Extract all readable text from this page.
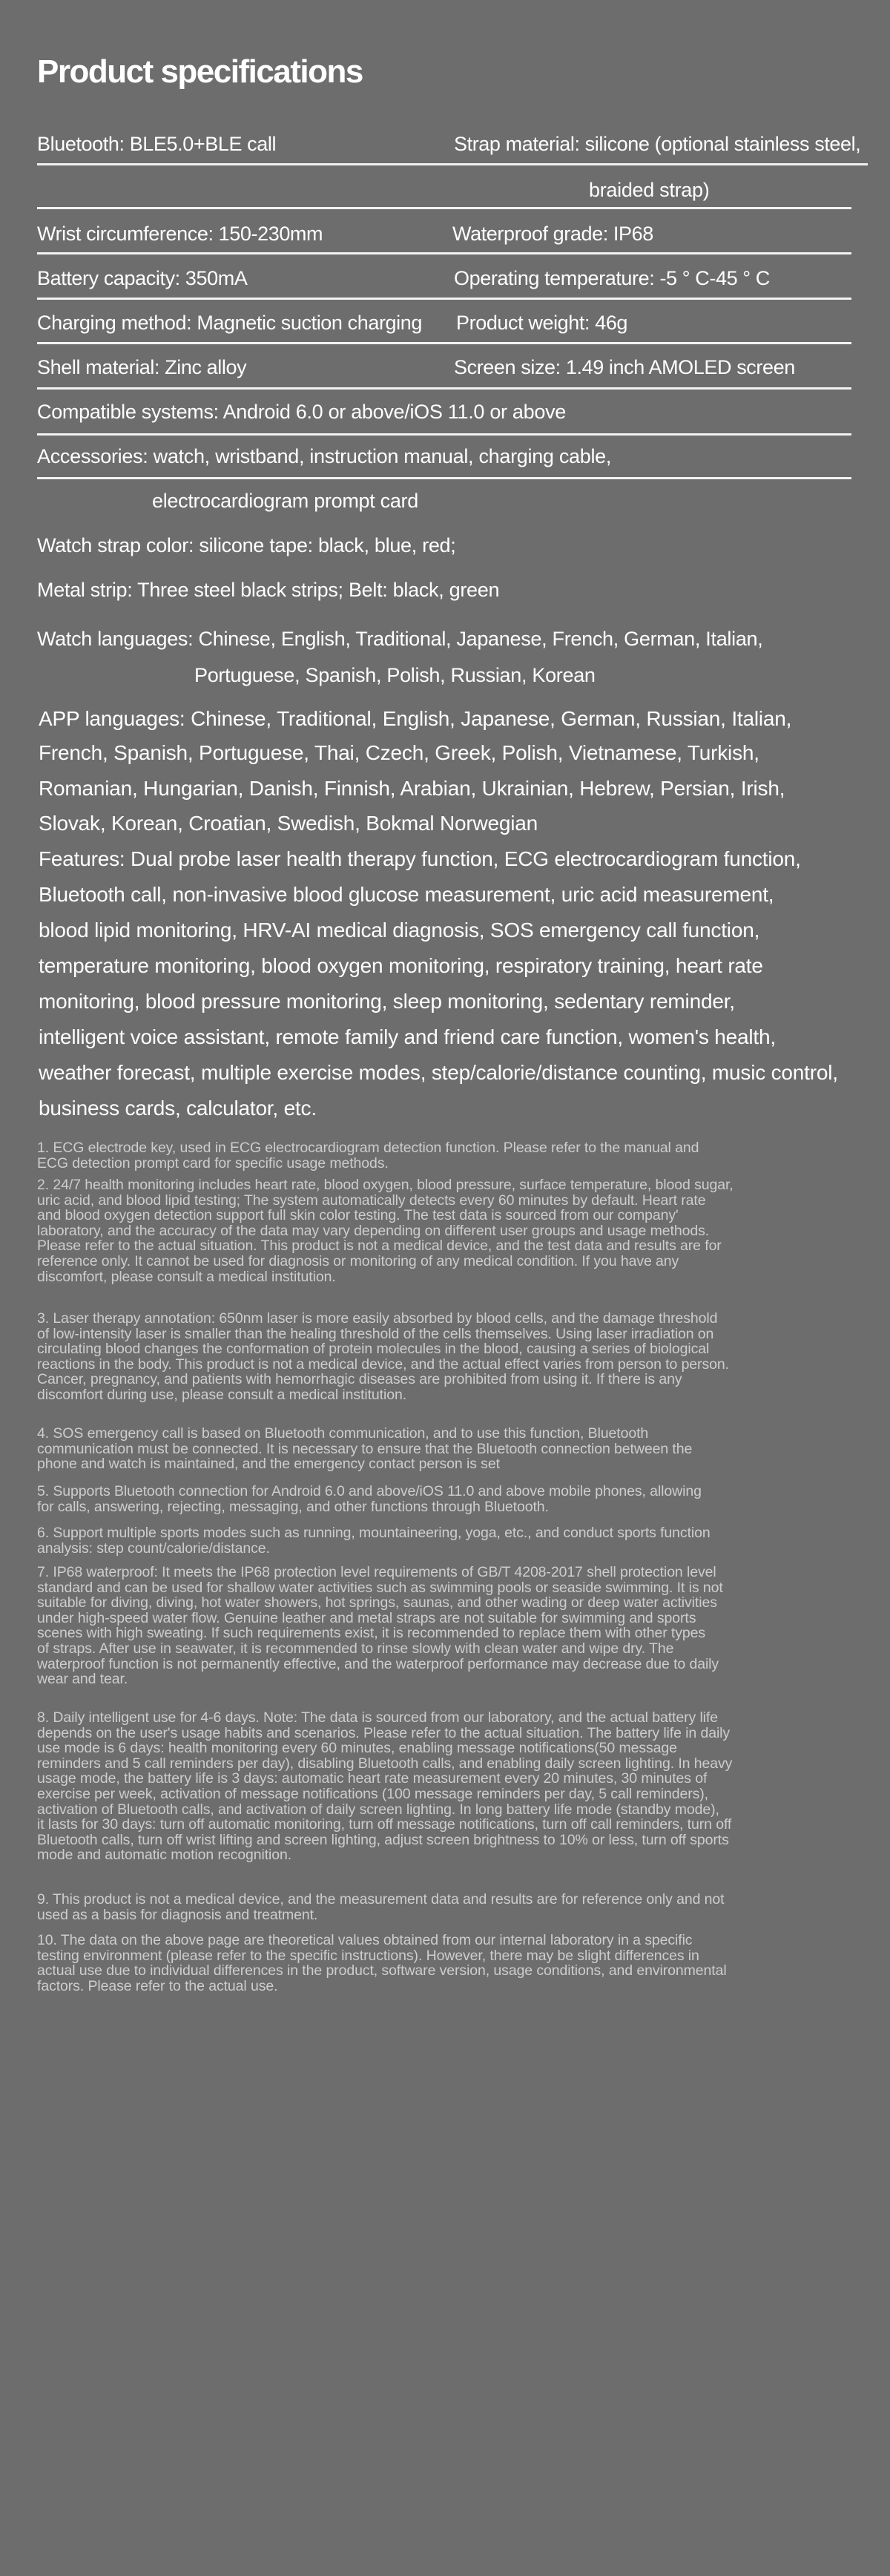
Product specifications
Bluetooth: BLE5.0+BLE call	Strap material: silicone (optional stainless steel,
braided strap)
Wrist circumference: 150-230mm	Waterproof grade: IP68
Battery capacity: 350mA	Operating temperature: -5 ° C-45 ° C
Charging method: Magnetic suction charging Product weight: 46g
Shell material: Zinc alloy	Screen size: 1.49 inch AMOLED screen
Compatible systems: Android 6.0 or above/iOS 11.0 or above
Accessories: watch, wristband, instruction manual, charging cable,
electrocardiogram prompt card
Watch strap color: silicone tape: black, blue, red;
Metal strip: Three steel black strips; Belt: black, green
Watch languages: Chinese, English, Traditional, Japanese, French, German, Italian,
Portuguese, Spanish, Polish, Russian, Korean
APP languages: Chinese, Traditional, English, Japanese, German, Russian, Italian,
French, Spanish, Portuguese, Thai, Czech, Greek, Polish, Vietnamese, Turkish,
Romanian, Hungarian, Danish, Finnish, Arabian, Ukrainian, Hebrew, Persian, Irish,
Slovak, Korean, Croatian, Swedish, Bokmal Norwegian
Features: Dual probe laser health therapy function, ECG electrocardiogram function,
Bluetooth call, non-invasive blood glucose measurement, uric acid measurement,
blood lipid monitoring, HRV-AI medical diagnosis, SOS emergency call function,
temperature monitoring, blood oxygen monitoring, respiratory training, heart rate
monitoring, blood pressure monitoring, sleep monitoring, sedentary reminder,
intelligent voice assistant, remote family and friend care function, women's health,
weather forecast, multiple exercise modes, step/calorie/distance counting, music control,
business cards, calculator, etc.
1. ECG electrode key, used in ECG electrocardiogram detection function. Please refer to the manual and
ECG detection prompt card for specific usage methods.
2. 24/7 health monitoring includes heart rate, blood oxygen, blood pressure, surface temperature, blood sugar,
uric acid, and blood lipid testing; The system automatically detects every 60 minutes by default. Heart rate
and blood oxygen detection support full skin color testing. The test data is sourced from our company'
laboratory, and the accuracy of the data may vary depending on different user groups and usage methods.
Please refer to the actual situation. This product is not a medical device, and the test data and results are for
reference only. It cannot be used for diagnosis or monitoring of any medical condition. If you have any
discomfort, please consult a medical institution.
3. Laser therapy annotation: 650nm laser is more easily absorbed by blood cells, and the damage threshold
of low-intensity laser is smaller than the healing threshold of the cells themselves. Using laser irradiation on
circulating blood changes the conformation of protein molecules in the blood, causing a series of biological
reactions in the body. This product is not a medical device, and the actual effect varies from person to person.
Cancer, pregnancy, and patients with hemorrhagic diseases are prohibited from using it. If there is any
discomfort during use, please consult a medical institution.
4. SOS emergency call is based on Bluetooth communication, and to use this function, Bluetooth
communication must be connected. It is necessary to ensure that the Bluetooth connection between the
phone and watch is maintained, and the emergency contact person is set
5. Supports Bluetooth connection for Android 6.0 and above/iOS 11.0 and above mobile phones, allowing
for calls, answering, rejecting, messaging, and other functions through Bluetooth.
6. Support multiple sports modes such as running, mountaineering, yoga, etc., and conduct sports function
analysis: step count/calorie/distance.
7. IP68 waterproof: It meets the IP68 protection level requirements of GB/T 4208-2017 shell protection level
standard and can be used for shallow water activities such as swimming pools or seaside swimming. It is not
suitable for diving, diving, hot water showers, hot springs, saunas, and other wading or deep water activities
under high-speed water flow. Genuine leather and metal straps are not suitable for swimming and sports
scenes with high sweating. If such requirements exist, it is recommended to replace them with other types
of straps. After use in seawater, it is recommended to rinse slowly with clean water and wipe dry. The
waterproof function is not permanently effective, and the waterproof performance may decrease due to daily
wear and tear.
8. Daily intelligent use for 4-6 days. Note: The data is sourced from our laboratory, and the actual battery life
depends on the user's usage habits and scenarios. Please refer to the actual situation. The battery life in daily
use mode is 6 days: health monitoring every 60 minutes, enabling message notifications(50 message
reminders and 5 call reminders per day), disabling Bluetooth calls, and enabling daily screen lighting. In heavy
usage mode, the battery life is 3 days: automatic heart rate measurement every 20 minutes, 30 minutes of
exercise per week, activation of message notifications (100 message reminders per day, 5 call reminders),
activation of Bluetooth calls, and activation of daily screen lighting. In long battery life mode (standby mode),
it lasts for 30 days: turn off automatic monitoring, turn off message notifications, turn off call reminders, turn off
Bluetooth calls, turn off wrist lifting and screen lighting, adjust screen brightness to 10% or less, turn off sports
mode and automatic motion recognition.
9. This product is not a medical device, and the measurement data and results are for reference only and not
used as a basis for diagnosis and treatment.
10. The data on the above page are theoretical values obtained from our internal laboratory in a specific
testing environment (please refer to the specific instructions). However, there may be slight differences in
actual use due to individual differences in the product, software version, usage conditions, and environmental
factors. Please refer to the actual use.
